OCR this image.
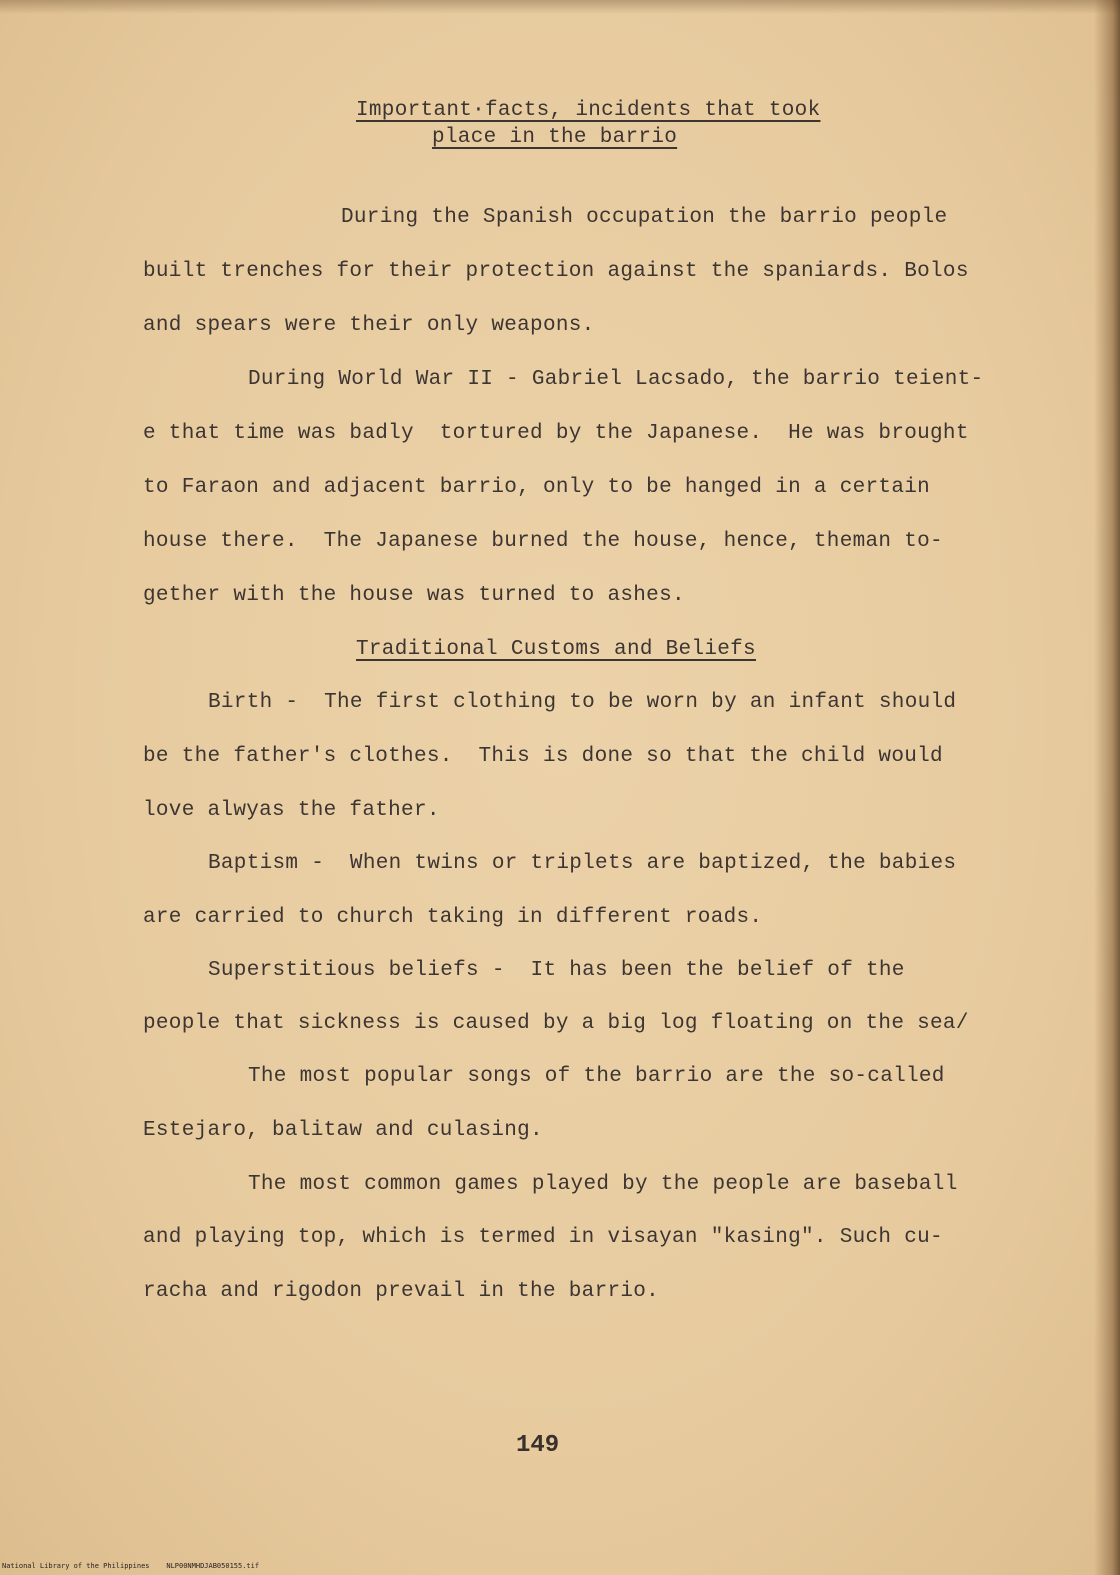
Important·facts, incidents that took
place in the barrio
During the Spanish occupation the barrio people
built trenches for their protection against the spaniards. Bolos
and spears were their only weapons.
During World War II - Gabriel Lacsado, the barrio teient-
e that time was badly  tortured by the Japanese.  He was brought
to Faraon and adjacent barrio, only to be hanged in a certain
house there.  The Japanese burned the house, hence, theman to-
gether with the house was turned to ashes.
Traditional Customs and Beliefs
Birth -  The first clothing to be worn by an infant should
be the father's clothes.  This is done so that the child would
love alwyas the father.
Baptism -  When twins or triplets are baptized, the babies
are carried to church taking in different roads.
Superstitious beliefs -  It has been the belief of the
people that sickness is caused by a big log floating on the sea/
The most popular songs of the barrio are the so-called
Estejaro, balitaw and culasing.
The most common games played by the people are baseball
and playing top, which is termed in visayan "kasing". Such cu-
racha and rigodon prevail in the barrio.
149
National Library of the Philippines    NLP00NMHDJAB050155.tif
